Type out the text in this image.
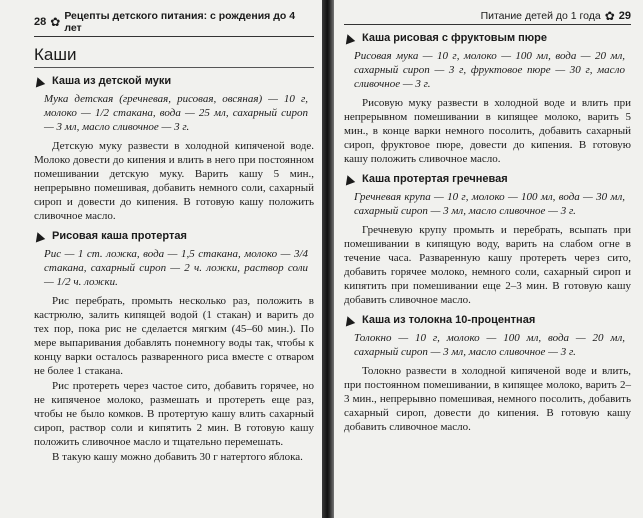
28 ✿ Рецепты детского питания: с рождения до 4 лет
Каши
Каша из детской муки

Мука детская (гречневая, рисовая, овсяная) — 10 г, молоко — 1/2 стакана, вода — 25 мл, сахарный сироп — 3 мл, масло сливочное — 3 г.

Детскую муку развести в холодной кипяченой воде. Молоко довести до кипения и влить в него при постоянном помешивании детскую муку. Варить кашу 5 мин., непрерывно помешивая, добавить немного соли, сахарный сироп и довести до кипения. В готовую кашу положить сливочное масло.

Рисовая каша протертая

Рис — 1 ст. ложка, вода — 1,5 стакана, молоко — 3/4 стакана, сахарный сироп — 2 ч. ложки, раствор соли — 1/2 ч. ложки.

Рис перебрать, промыть несколько раз, положить в кастрюлю, залить кипящей водой (1 стакан) и варить до тех пор, пока рис не сделается мягким (45–60 мин.). По мере выпаривания добавлять понемногу воды так, чтобы к концу варки осталось разваренного риса вместе с отваром не более 1 стакана.

Рис протереть через частое сито, добавить горячее, но не кипяченое молоко, размешать и протереть еще раз, чтобы не было комков. В протертую кашу влить сахарный сироп, раствор соли и кипятить 2 мин. В готовую кашу положить сливочное масло и тщательно перемешать.

В такую кашу можно добавить 30 г натертого яблока.

Питание детей до 1 года ✿ 29
Каша рисовая с фруктовым пюре

Рисовая мука — 10 г, молоко — 100 мл, вода — 20 мл, сахарный сироп — 3 г, фруктовое пюре — 30 г, масло сливочное — 3 г.

Рисовую муку развести в холодной воде и влить при непрерывном помешивании в кипящее молоко, варить 5 мин., в конце варки немного посолить, добавить сахарный сироп, фруктовое пюре, довести до кипения. В готовую кашу положить сливочное масло.

Каша протертая гречневая

Гречневая крупа — 10 г, молоко — 100 мл, вода — 30 мл, сахарный сироп — 3 мл, масло сливочное — 3 г.

Гречневую крупу промыть и перебрать, всыпать при помешивании в кипящую воду, варить на слабом огне в течение часа. Разваренную кашу протереть через сито, добавить горячее молоко, немного соли, сахарный сироп и кипятить при помешивании еще 2–3 мин. В готовую кашу добавить сливочное масло.

Каша из толокна 10-процентная

Толокно — 10 г, молоко — 100 мл, вода — 20 мл, сахарный сироп — 3 мл, масло сливочное — 3 г.

Толокно развести в холодной кипяченой воде и влить, при постоянном помешивании, в кипящее молоко, варить 2–3 мин., непрерывно помешивая, немного посолить, добавить сахарный сироп, довести до кипения. В готовую кашу добавить сливочное масло.
